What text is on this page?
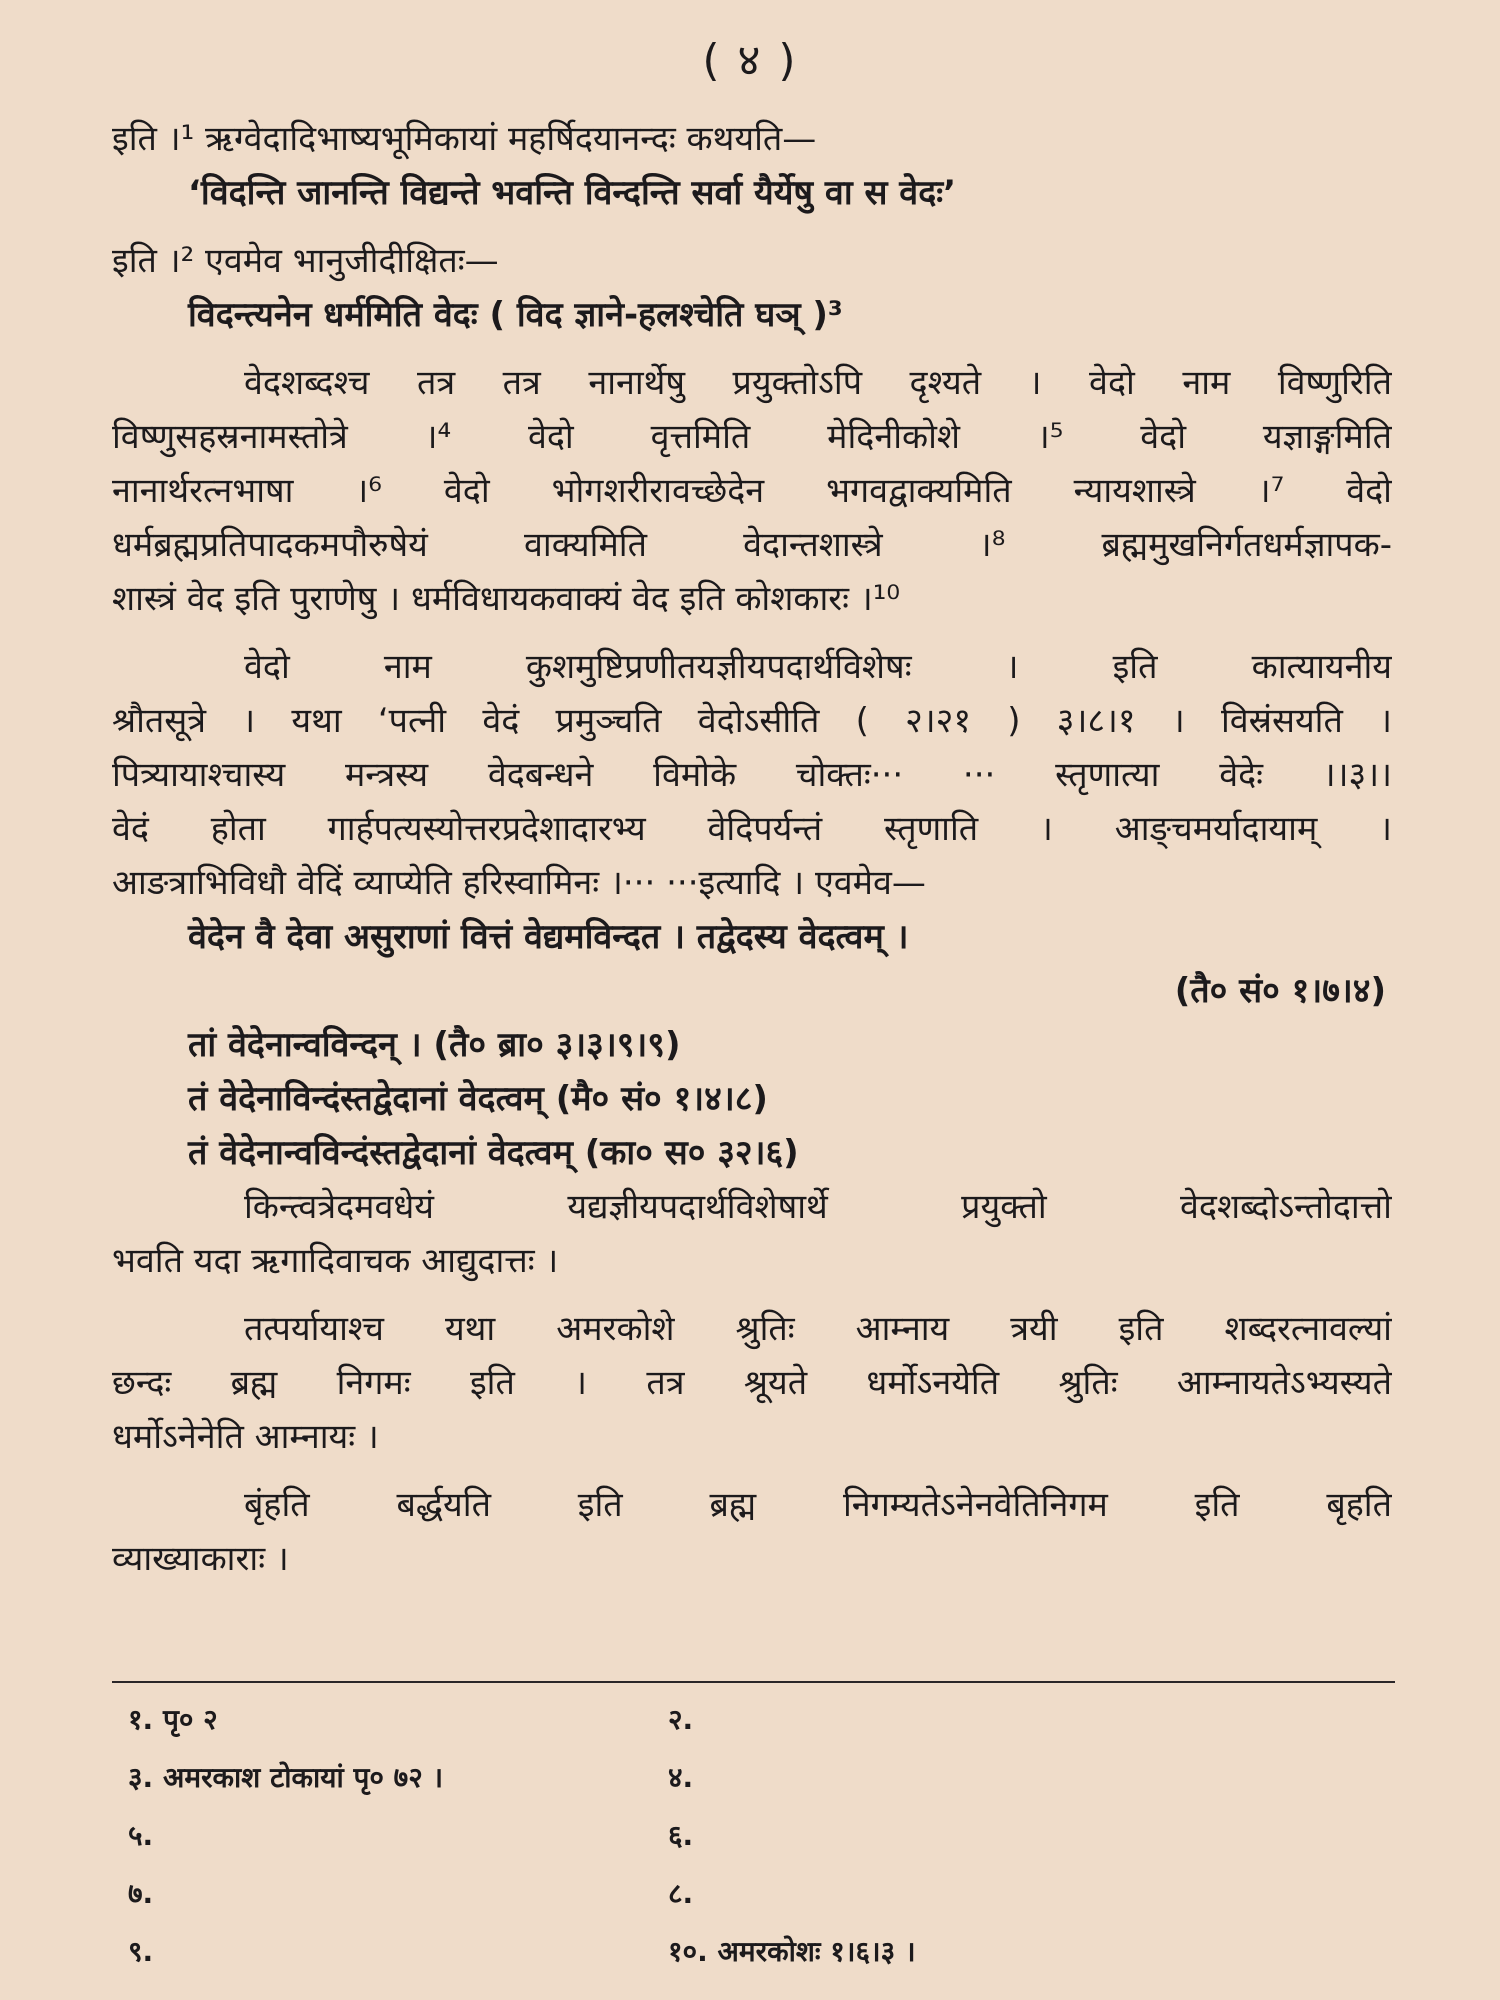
( ४ )
इति ।¹ ऋग्वेदादिभाष्यभूमिकायां महर्षिदयानन्दः कथयति—
‘विदन्ति जानन्ति विद्यन्ते भवन्ति विन्दन्ति सर्वा यैर्येषु वा स वेदः’
इति ।² एवमेव भानुजीदीक्षितः—
विदन्त्यनेन धर्ममिति वेदः ( विद ज्ञाने-हलश्चेति घञ् )³
वेदशब्दश्च तत्र तत्र नानार्थेषु प्रयुक्तोऽपि दृश्यते । वेदो नाम विष्णुरिति
विष्णुसहस्रनामस्तोत्रे ।⁴ वेदो वृत्तमिति मेदिनीकोशे ।⁵ वेदो यज्ञाङ्गमिति
नानार्थरत्नभाषा ।⁶ वेदो भोगशरीरावच्छेदेन भगवद्वाक्यमिति न्यायशास्त्रे ।⁷ वेदो
धर्मब्रह्मप्रतिपादकमपौरुषेयं वाक्यमिति वेदान्तशास्त्रे ।⁸ ब्रह्ममुखनिर्गतधर्मज्ञापक-
शास्त्रं वेद इति पुराणेषु । धर्मविधायकवाक्यं वेद इति कोशकारः ।¹⁰
वेदो नाम कुशमुष्टिप्रणीतयज्ञीयपदार्थविशेषः । इति कात्यायनीय
श्रौतसूत्रे । यथा ‘पत्नी वेदं प्रमुञ्चति वेदोऽसीति ( २।२१ ) ३।८।१ । विस्रंसयति ।
पित्र्यायाश्चास्य मन्त्रस्य वेदबन्धने विमोके चोक्तः··· ··· स्तृणात्या वेदेः ।।३।।
वेदं होता गार्हपत्यस्योत्तरप्रदेशादारभ्य वेदिपर्यन्तं स्तृणाति । आङ्चमर्यादायाम् ।
आङत्राभिविधौ वेदिं व्याप्येति हरिस्वामिनः ।··· ···इत्यादि । एवमेव—
वेदेन वै देवा असुराणां वित्तं वेद्यमविन्दत । तद्वेदस्य वेदत्वम् ।
(तै० सं० १।७।४)
तां वेदेनान्वविन्दन् । (तै० ब्रा० ३।३।९।९)
तं वेदेनाविन्दंस्तद्वेदानां वेदत्वम् (मै० सं० १।४।८)
तं वेदेनान्वविन्दंस्तद्वेदानां वेदत्वम् (का० स० ३२।६)
किन्त्वत्रेदमवधेयं यद्यज्ञीयपदार्थविशेषार्थे प्रयुक्तो वेदशब्दोऽन्तोदात्तो
भवति यदा ऋगादिवाचक आद्युदात्तः ।
तत्पर्यायाश्च यथा अमरकोशे श्रुतिः आम्नाय त्रयी इति शब्दरत्नावल्यां
छन्दः ब्रह्म निगमः इति । तत्र श्रूयते धर्मोऽनयेति श्रुतिः आम्नायतेऽभ्यस्यते
धर्मोऽनेनेति आम्नायः ।
बृंहति बर्द्धयति इति ब्रह्म निगम्यतेऽनेनवेतिनिगम इति बृहति
व्याख्याकाराः ।
१. पृ० २	२.
३. अमरकाश टोकायां पृ० ७२ ।	४.
५.	६.
७.	८.
९.	१०. अमरकोशः १।६।३ ।
